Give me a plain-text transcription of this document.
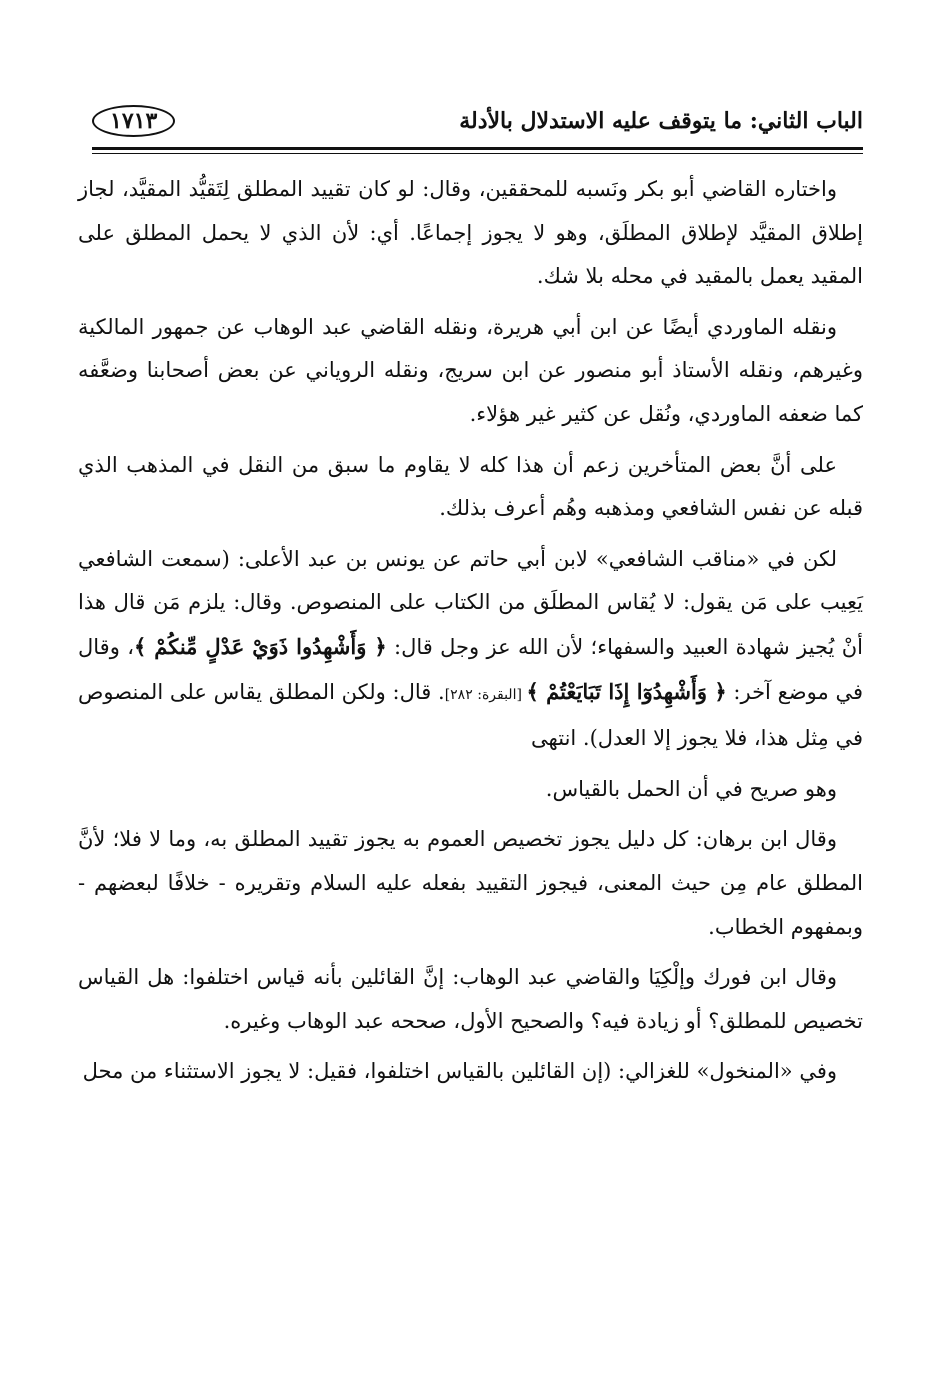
الباب الثاني: ما يتوقف عليه الاستدلال بالأدلة
١٧١٣

واختاره القاضي أبو بكر ونَسبه للمحققين، وقال: لو كان تقييد المطلق لِتَقيُّد المقيَّد، لجاز إطلاق المقيَّد لإطلاق المطلَق، وهو لا يجوز إجماعًا. أي: لأن الذي لا يحمل المطلق على المقيد يعمل بالمقيد في محله بلا شك.

ونقله الماوردي أيضًا عن ابن أبي هريرة، ونقله القاضي عبد الوهاب عن جمهور المالكية وغيرهم، ونقله الأستاذ أبو منصور عن ابن سريج، ونقله الروياني عن بعض أصحابنا وضعَّفه كما ضعفه الماوردي، ونُقل عن كثير غير هؤلاء.

على أنَّ بعض المتأخرين زعم أن هذا كله لا يقاوم ما سبق من النقل في المذهب الذي قبله عن نفس الشافعي ومذهبه وهُم أعرف بذلك.

لكن في «مناقب الشافعي» لابن أبي حاتم عن يونس بن عبد الأعلى: (سمعت الشافعي يَعِيب على مَن يقول: لا يُقاس المطلَق من الكتاب على المنصوص. وقال: يلزم مَن قال هذا أنْ يُجيز شهادة العبيد والسفهاء؛ لأن الله عز وجل قال: ﴿ وَأَشْهِدُوا ذَوَيْ عَدْلٍ مِّنكُمْ ﴾، وقال في موضع آخر: ﴿ وَأَشْهِدُوٓا إِذَا تَبَايَعْتُمْ ﴾ [البقرة: ٢٨٢]. قال: ولكن المطلق يقاس على المنصوص في مِثل هذا، فلا يجوز إلا العدل). انتهى

وهو صريح في أن الحمل بالقياس.

وقال ابن برهان: كل دليل يجوز تخصيص العموم به يجوز تقييد المطلق به، وما لا فلا؛ لأنَّ المطلق عام مِن حيث المعنى، فيجوز التقييد بفعله عليه السلام وتقريره - خلافًا لبعضهم - وبمفهوم الخطاب.

وقال ابن فورك وإلْكِيَا والقاضي عبد الوهاب: إنَّ القائلين بأنه قياس اختلفوا: هل القياس تخصيص للمطلق؟ أو زيادة فيه؟ والصحيح الأول، صححه عبد الوهاب وغيره.

وفي «المنخول» للغزالي: (إن القائلين بالقياس اختلفوا، فقيل: لا يجوز الاستثناء من محل
